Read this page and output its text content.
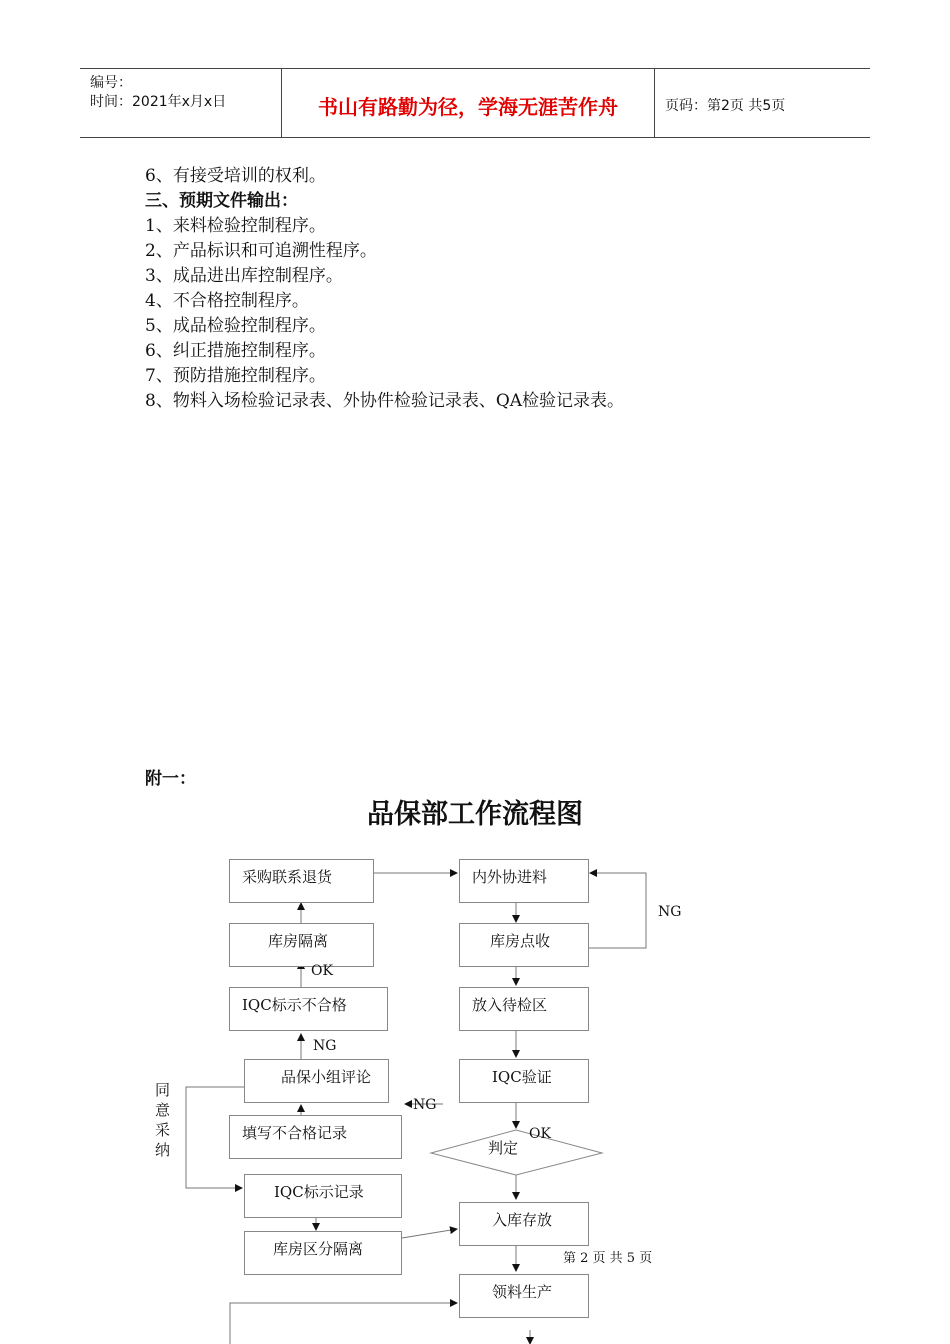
编号：
时间：2021年x月x日	书山有路勤为径，学海无涯苦作舟	页码：第2页 共5页
6、有接受培训的权利。
三、预期文件输出：
1、来料检验控制程序。
2、产品标识和可追溯性程序。
3、成品进出库控制程序。
4、不合格控制程序。
5、成品检验控制程序。
6、纠正措施控制程序。
7、预防措施控制程序。
8、物料入场检验记录表、外协件检验记录表、QA检验记录表。
附一：
品保部工作流程图
采购联系退货
库房隔离
IQC标示不合格
品保小组评论
填写不合格记录
IQC标示记录
库房区分隔离
内外协进料
库房点收
放入待检区
IQC验证
判定
入库存放
领料生产
NG
OK
NG
NG
OK
同意采纳
第 2 页 共 5 页
